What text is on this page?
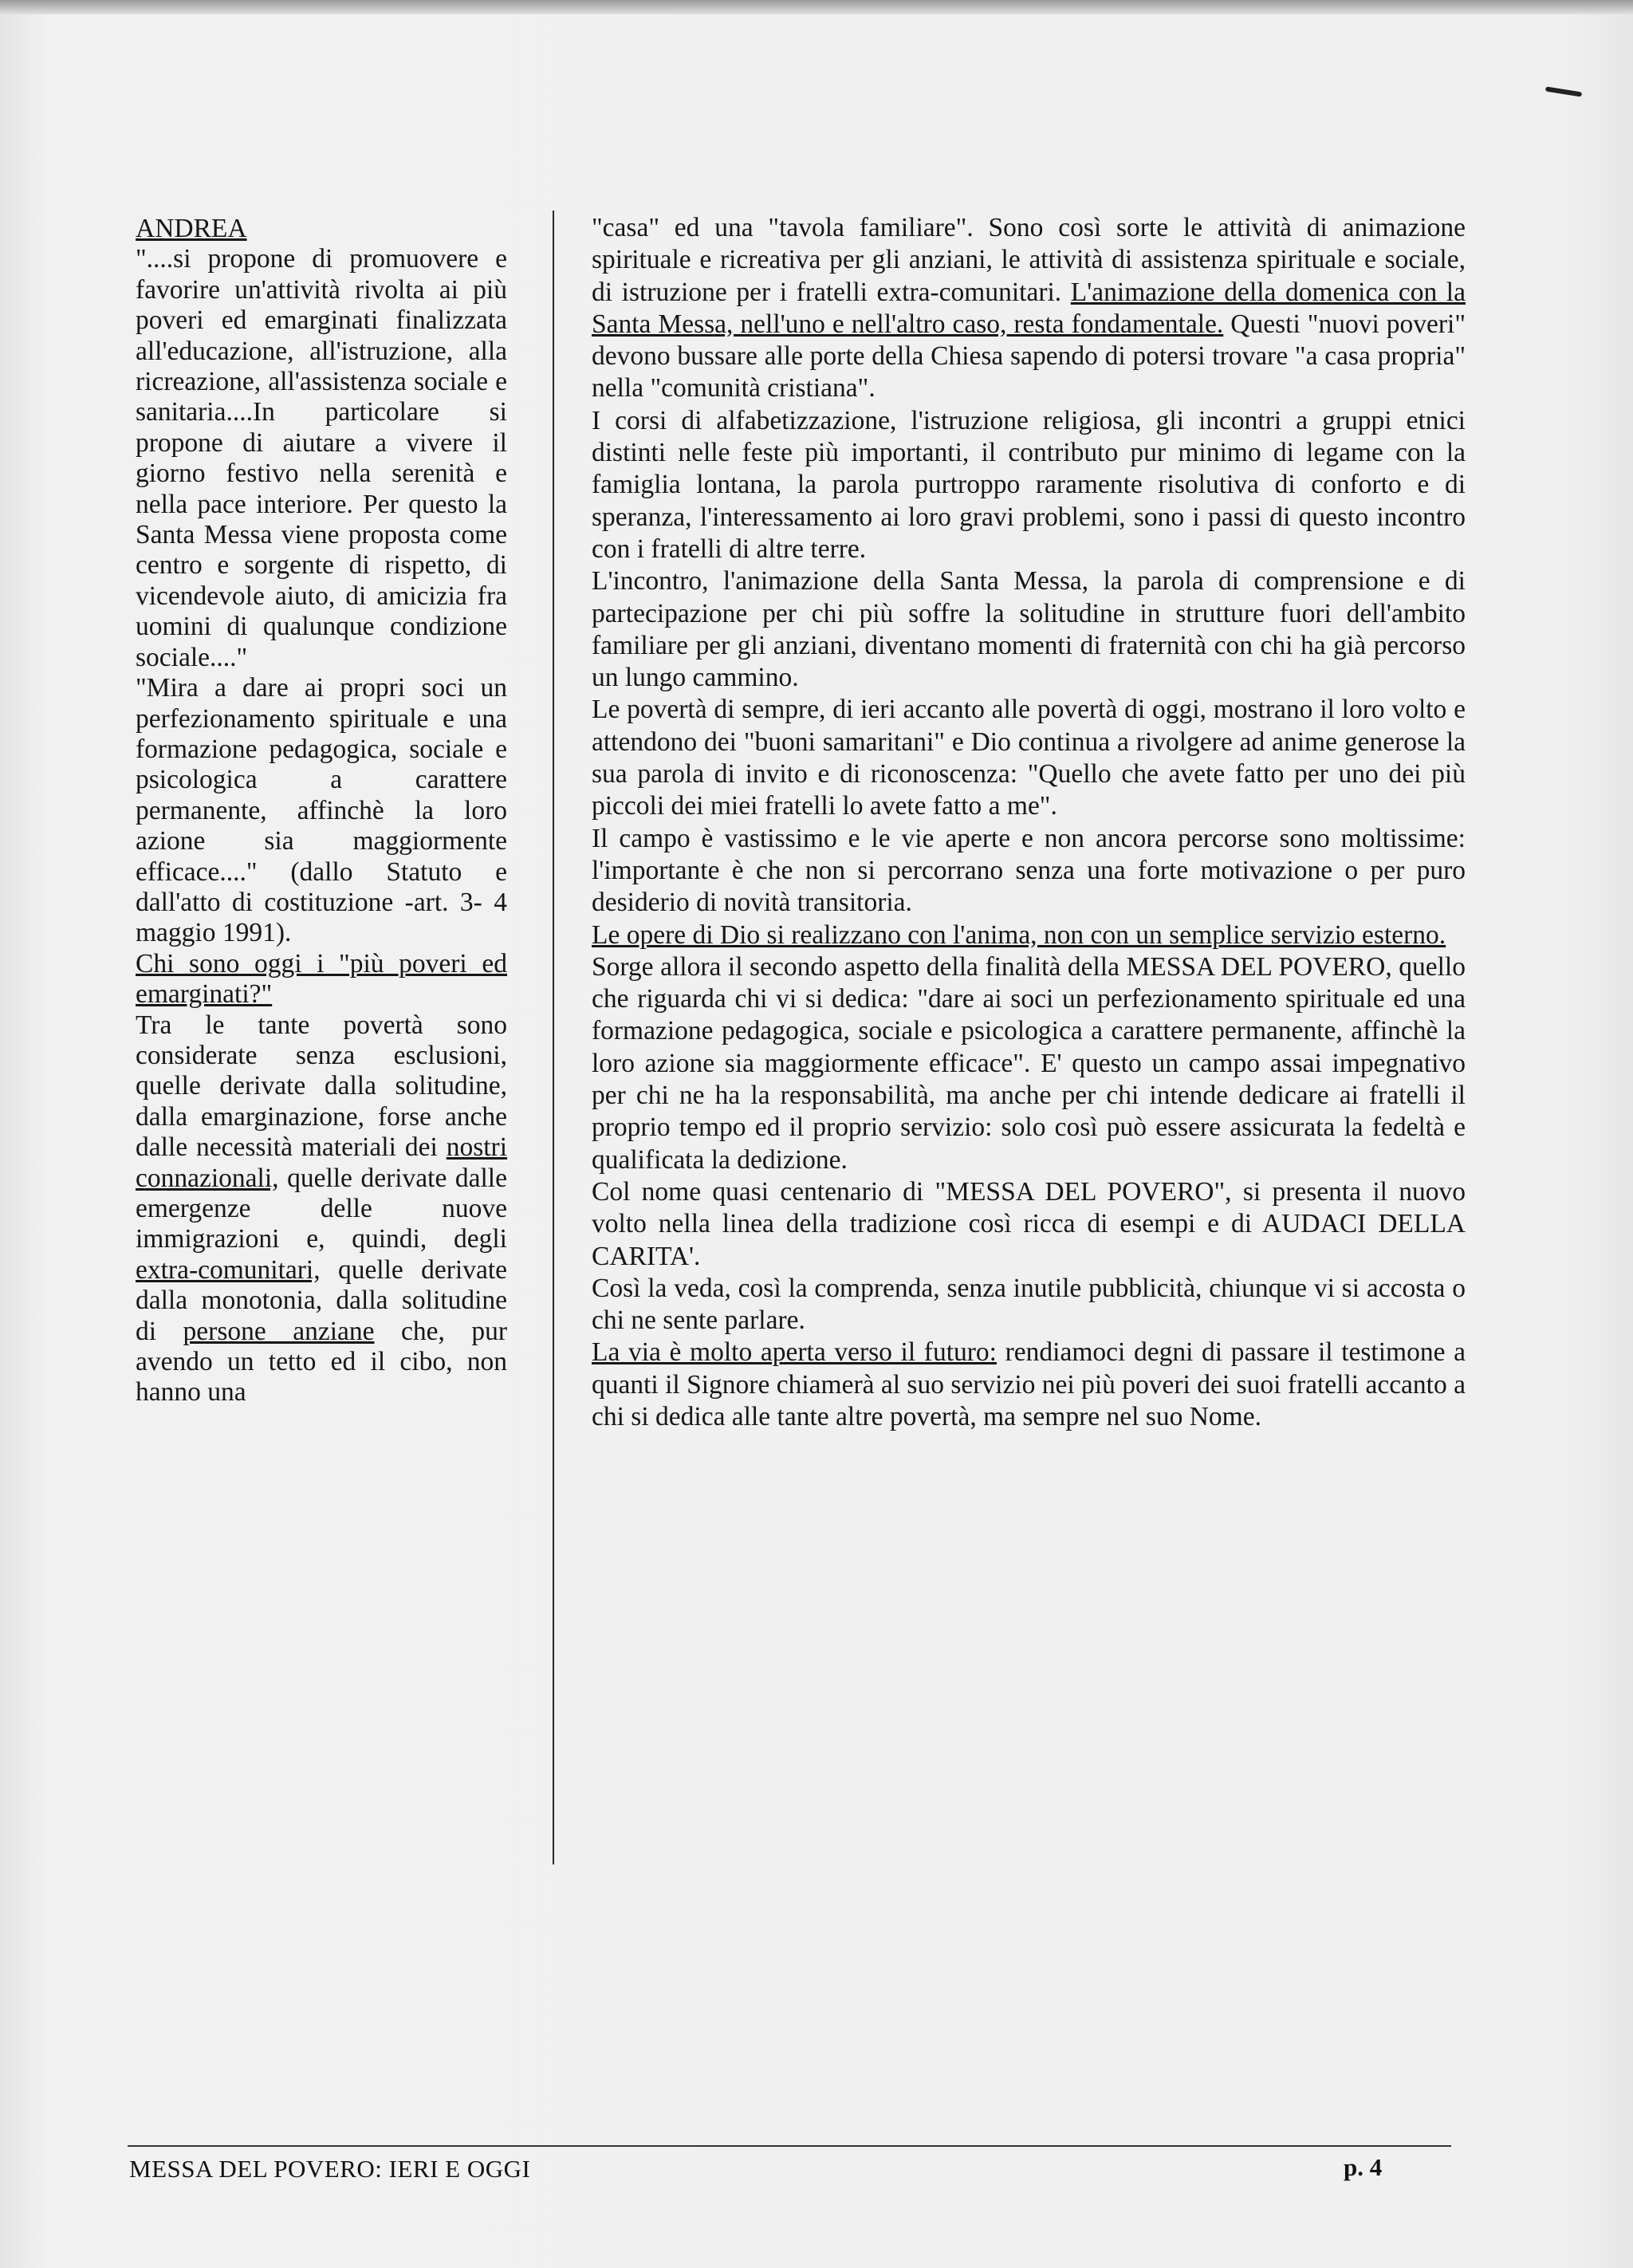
ANDREA

"....si propone di promuovere e favorire un'attività rivolta ai più poveri ed emarginati finalizzata all'educazione, all'istruzione, alla ricreazione, all'assistenza sociale e sanitaria....In particolare si propone di aiutare a vivere il giorno festivo nella serenità e nella pace interiore. Per questo la Santa Messa viene proposta come centro e sorgente di rispetto, di vicendevole aiuto, di amicizia fra uomini di qualunque condizione sociale...."

"Mira a dare ai propri soci un perfezionamento spirituale e una formazione pedagogica, sociale e psicologica a carattere permanente, affinchè la loro azione sia maggiormente efficace...." (dallo Statuto e dall'atto di costituzione -art. 3- 4 maggio 1991).

Chi sono oggi i "più poveri ed emarginati?"

Tra le tante povertà sono considerate senza esclusioni, quelle derivate dalla solitudine, dalla emarginazione, forse anche dalle necessità materiali dei nostri connazionali, quelle derivate dalle emergenze delle nuove immigrazioni e, quindi, degli extra-comunitari, quelle derivate dalla monotonia, dalla solitudine di persone anziane che, pur avendo un tetto ed il cibo, non hanno una

"casa" ed una "tavola familiare". Sono così sorte le attività di animazione spirituale e ricreativa per gli anziani, le attività di assistenza spirituale e sociale, di istruzione per i fratelli extra-comunitari. L'animazione della domenica con la Santa Messa, nell'uno e nell'altro caso, resta fondamentale. Questi "nuovi poveri" devono bussare alle porte della Chiesa sapendo di potersi trovare "a casa propria" nella "comunità cristiana".

I corsi di alfabetizzazione, l'istruzione religiosa, gli incontri a gruppi etnici distinti nelle feste più importanti, il contributo pur minimo di legame con la famiglia lontana, la parola purtroppo raramente risolutiva di conforto e di speranza, l'interessamento ai loro gravi problemi, sono i passi di questo incontro con i fratelli di altre terre.

L'incontro, l'animazione della Santa Messa, la parola di comprensione e di partecipazione per chi più soffre la solitudine in strutture fuori dell'ambito familiare per gli anziani, diventano momenti di fraternità con chi ha già percorso un lungo cammino.

Le povertà di sempre, di ieri accanto alle povertà di oggi, mostrano il loro volto e attendono dei "buoni samaritani" e Dio continua a rivolgere ad anime generose la sua parola di invito e di riconoscenza: "Quello che avete fatto per uno dei più piccoli dei miei fratelli lo avete fatto a me".

Il campo è vastissimo e le vie aperte e non ancora percorse sono moltissime: l'importante è che non si percorrano senza una forte motivazione o per puro desiderio di novità transitoria.

Le opere di Dio si realizzano con l'anima, non con un semplice servizio esterno.

Sorge allora il secondo aspetto della finalità della MESSA DEL POVERO, quello che riguarda chi vi si dedica: "dare ai soci un perfezionamento spirituale ed una formazione pedagogica, sociale e psicologica a carattere permanente, affinchè la loro azione sia maggiormente efficace". E' questo un campo assai impegnativo per chi ne ha la responsabilità, ma anche per chi intende dedicare ai fratelli il proprio tempo ed il proprio servizio: solo così può essere assicurata la fedeltà e qualificata la dedizione.

Col nome quasi centenario di "MESSA DEL POVERO", si presenta il nuovo volto nella linea della tradizione così ricca di esempi e di AUDACI DELLA CARITA'.

Così la veda, così la comprenda, senza inutile pubblicità, chiunque vi si accosta o chi ne sente parlare.

La via è molto aperta verso il futuro: rendiamoci degni di passare il testimone a quanti il Signore chiamerà al suo servizio nei più poveri dei suoi fratelli accanto a chi si dedica alle tante altre povertà, ma sempre nel suo Nome.

MESSA DEL POVERO: IERI E OGGI	p. 4
